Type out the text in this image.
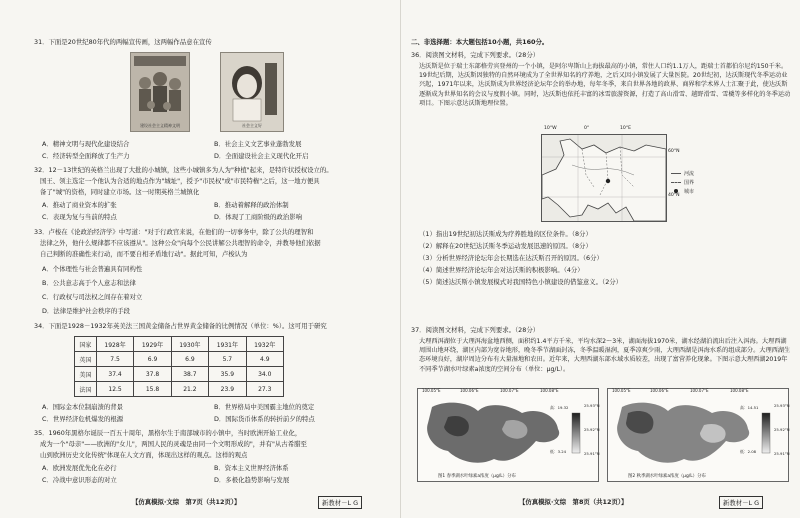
31．下面是20世纪80年代的两幅宣传画，这两幅作品意在宣传
建设社会主义精神文明	社会主义好
A．精神文明与现代化建设结合	B．社会主义文艺事业蓬勃发展
C．经济转型全面释放了生产力	D．全面建设社会主义现代化开启
32．12－13世纪的英格兰出现了大批的小城镇，这些小城镇多为人为"种植"起来，是特许状授权设立的。
国王、领主选定一个他认为合适的地点作为"城址"，授予"市民权"或"市民特権"之后，这一地方便具
备了"城"的资格，同时建立市场。这一时期英格兰城镇化
A．推动了商业资本的扩张	B．推动着解释的政治体制
C．表现为复与当前的特点	D．体现了工商阶级的政治影响
33．卢梭在《论政治经济学》中写道："对于行政官来说，在他们的一切事务中，除了公共的理智和
法律之外，他什么规律都不应该遵从"。这种公众"向每个公民讲解公共理智的命令，并教导他们依据
自己判断的准确性来行动，而不要自相矛盾地行动"。据此可知，卢梭认为
A．个体理性与社会普遍具有同构性
B．公共意志高于个人意志和法律
C．行政权与司法权之间存在着对立
D．法律是维护社会秩序的手段
34．下面是1928－1932年英美法三国黄金储备占世界黄金储备的比例情况（单位：%）。这可用于研究
国家	1928年	1929年	1930年	1931年	1932年
英国	7.5	6.9	6.9	5.7	4.9
美国	37.4	37.8	38.7	35.9	34.0
法国	12.5	15.8	21.2	23.9	27.3
A．国际金本位制崩溃的背景	B．世界格局中美国霸主地位的奠定
C．世界经济危机爆发的根源	D．国际货币体系的转折前夕的特点
35．1960年黑格尔诞辰一百五十周年，黑格尔生于南部城市的小镇中，当时欧洲开始工业化，
成为一个"母亲"——欧洲的"女儿"，两国人民的灵魂是由同一个文明形成的"，并有"从古希腊至
山到欧洲历史文化传统"体现在人文方面，体现出这样的观点。这样的观点
A．欧洲发展优先化在必行	B．资本主义世界经济体系
C．冷战中意识形态的对立	D．多极化趋势影响与发展
【仿真模拟·文综　第7页（共12页）】	新教材－L G
二、非选择题：本大题包括10小题，共160分。
36．阅读图文材料，完成下列要求。（28分）
达沃斯是位于瑞士东部格劳宾登州的一个小镇，是阿尔卑斯山上海拔最高的小镇，常住人口约1.1万人，距瑞士首都伯尔尼约150千米。19世纪后期，达沃斯因独特的自然环境成为了全世界知名的疗养地，之后又因小镇发展了大量医院。20世纪初，达沃斯现代冬季运动业兴起，1971年以来，达沃斯成为世界经济论坛年会的举办地，每年冬季，来自世界各地的政界、商界和学术界人士汇聚于此，使达沃斯逐渐成为世界知名的会议与度假小镇。同时，达沃斯也依托丰富的冰雪旅游资源，打造了高山滑雪、越野滑雪、雪橇等多样化的冬季运动项目。下图示意达沃斯地理位置。
10°W	0°	10°E
60°N
40°N
河流
国界
城市
（1）指出19世纪初达沃斯成为疗养胜地的区位条件。（8分）
（2）解释在20世纪达沃斯冬季运动发展迅速的原因。（8分）
（3）分析世界经济论坛年会长期选在达沃斯召开的原因。（6分）
（4）简述世界经济论坛年会对达沃斯的积极影响。（4分）
（5）简述达沃斯小镇发展模式对我国特色小镇建设的借鉴意义。（2分）
37．阅读图文材料，完成下列要求。（28分）
大理西洱湖位于大理洱海盆地西侧，面积约1.4平方千米，平均水深2～3米，湖面海拔1970米，湖水经湖泊流出后注入洱海。大理西湖周围山地环绕，湖区内部为宽谷地形，晚冬季节湖面封冻，冬季温暖湿润，夏季凉爽少雨，大理西湖是洱海水系的组成部分。大理西湖生态环境良好，湖岸周边分布有大量湿地和农田。近年来，大理西湖东部水域水质较差，出现了富营养化现象。下图示意大理西湖2019年不同季节湖水叶绿素a浓度的空间分布（单位：μg/L）。
100.05°E	100.06°E	100.07°E	100.08°E
25.93°N
25.92°N
25.91°N
高：19.32
低：3.24
图1 春季湖水叶绿素a浓度（μg/L）分布
100.05°E	100.06°E	100.07°E	100.08°E
25.93°N
25.92°N
25.91°N
高：14.51
低：2.08
图2 秋季湖水叶绿素a浓度（μg/L）分布
【仿真模拟·文综　第8页（共12页）】	新教材－L G
